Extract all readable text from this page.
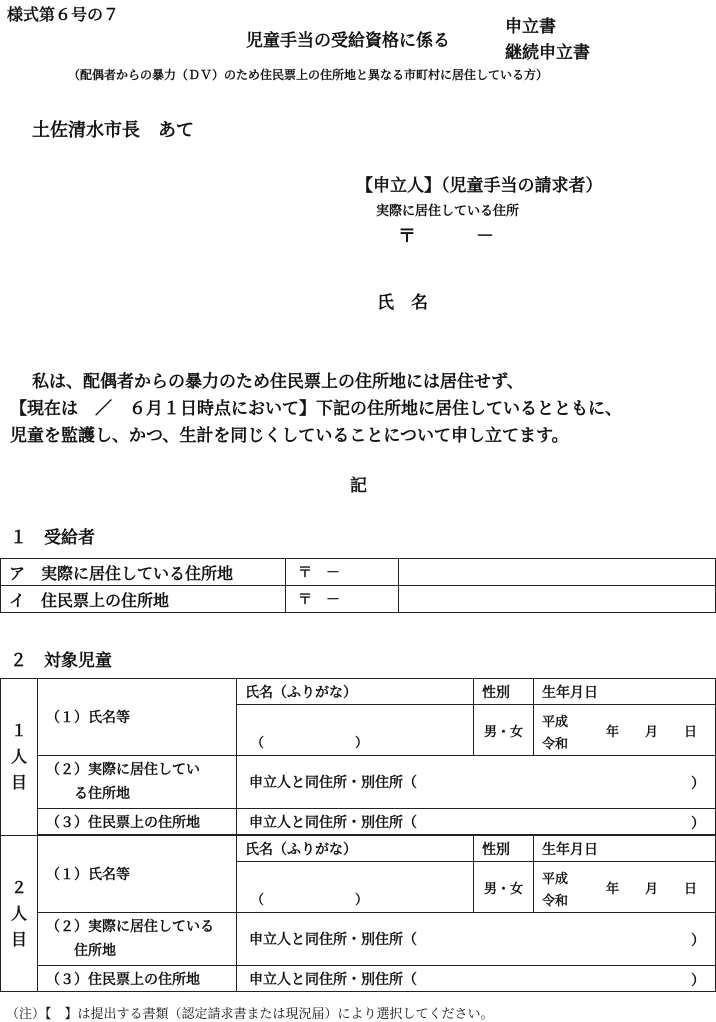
様式第６号の７
児童手当の受給資格に係る
申立書
継続申立書
（配偶者からの暴力（ＤＶ）のため住民票上の住所地と異なる市町村に居住している方）
土佐清水市長　あて
【申立人】（児童手当の請求者）
実際に居住している住所
〒	－
氏　名
私は、配偶者からの暴力のため住民票上の住所地には居住せず、
【現在は　／　６月１日時点において】下記の住所地に居住しているとともに、
児童を監護し、かつ、生計を同じくしていることについて申し立てます。
記
１　受給者
ア　実際に居住している住所地	〒　－	
イ　住民票上の住所地	〒　－	
２　対象児童
１
人
目	（１）氏名等	氏名（ふりがな）	性別	生年月日
		（　　　　　　　）	男・女	平成
令和
年　　月　　日

	（２）実際に居住してい
　　る住所地	申立人と同住所・別住所（ ）		

	（３）住民票上の住所地	申立人と同住所・別住所（ ）		

２
人
目	（１）氏名等	氏名（ふりがな）	性別	生年月日
		（　　　　　　　）	男・女	平成
令和
年　　月　　日

	（２）実際に居住している
　　住所地	申立人と同住所・別住所（ ）		

	（３）住民票上の住所地	申立人と同住所・別住所（ ）		
（注）【　】は提出する書類（認定請求書または現況届）により選択してください。
